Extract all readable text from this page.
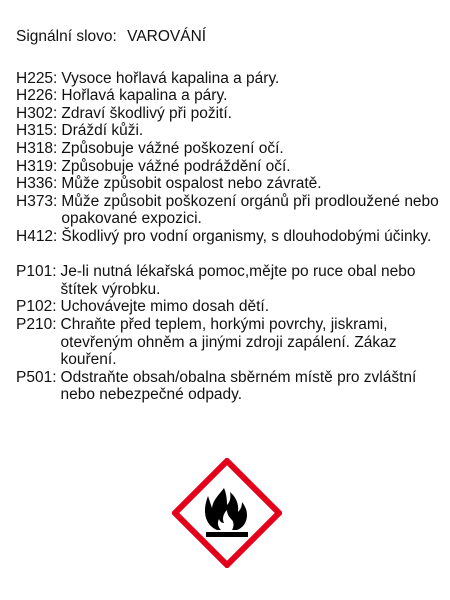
Signální slovo: VAROVÁNÍ
H225: Vysoce hořlavá kapalina a páry.
H226: Hořlavá kapalina a páry.
H302: Zdraví škodlivý při požití.
H315: Dráždí kůži.
H318: Způsobuje vážné poškození očí.
H319: Způsobuje vážné podráždění očí.
H336: Může způsobit ospalost nebo závratě.
H373: Může způsobit poškození orgánů při prodloužené nebo opakované expozici.
H412: Škodlivý pro vodní organismy, s dlouhodobými účinky.
P101: Je-li nutná lékařská pomoc,mějte po ruce obal nebo štítek výrobku.
P102: Uchovávejte mimo dosah dětí.
P210: Chraňte před teplem, horkými povrchy, jiskrami, otevřeným ohněm a jinými zdroji zapálení. Zákaz kouření.
P501: Odstraňte obsah/obalna sběrném místě pro zvláštní nebo nebezpečné odpady.
